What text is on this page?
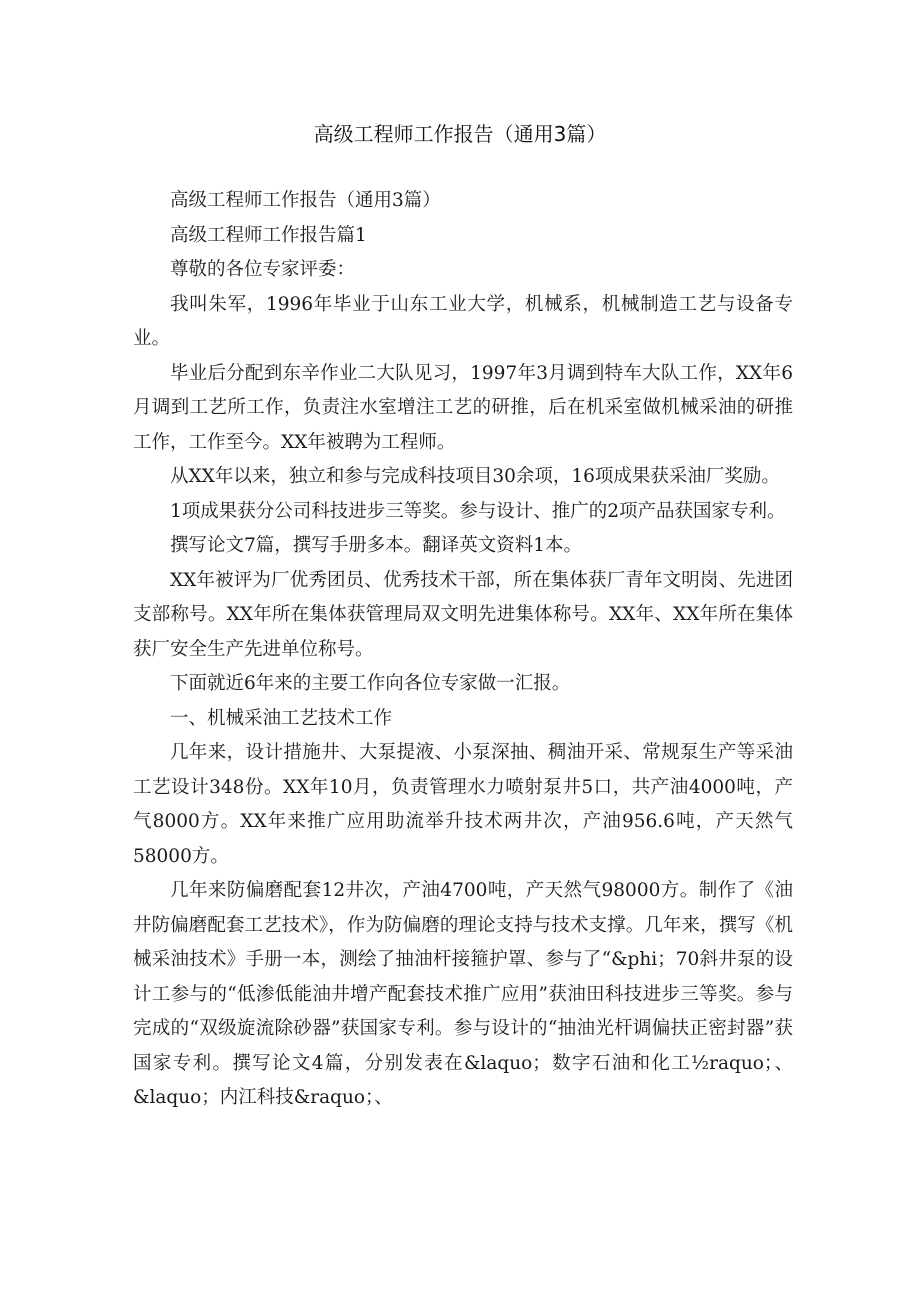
高级工程师工作报告（通用3篇）

高级工程师工作报告（通用3篇）

高级工程师工作报告篇1

尊敬的各位专家评委：

我叫朱军，1996年毕业于山东工业大学，机械系，机械制造工艺与设备专业。

毕业后分配到东辛作业二大队见习，1997年3月调到特车大队工作，XX年6月调到工艺所工作，负责注水室增注工艺的研推，后在机采室做机械采油的研推工作，工作至今。XX年被聘为工程师。

从XX年以来，独立和参与完成科技项目30余项，16项成果获采油厂奖励。

1项成果获分公司科技进步三等奖。参与设计、推广的2项产品获国家专利。

撰写论文7篇，撰写手册多本。翻译英文资料1本。

XX年被评为厂优秀团员、优秀技术干部，所在集体获厂青年文明岗、先进团支部称号。XX年所在集体获管理局双文明先进集体称号。XX年、XX年所在集体获厂安全生产先进单位称号。

下面就近6年来的主要工作向各位专家做一汇报。

一、机械采油工艺技术工作

几年来，设计措施井、大泵提液、小泵深抽、稠油开采、常规泵生产等采油工艺设计348份。XX年10月，负责管理水力喷射泵井5口，共产油4000吨，产气8000方。XX年来推广应用助流举升技术两井次，产油956.6吨，产天然气58000方。

几年来防偏磨配套12井次，产油4700吨，产天然气98000方。制作了《油井防偏磨配套工艺技术》，作为防偏磨的理论支持与技术支撑。几年来，撰写《机械采油技术》手册一本，测绘了抽油杆接箍护罩、参与了“&phi；70斜井泵的设计工参与的“低渗低能油井增产配套技术推广应用”获油田科技进步三等奖。参与完成的“双级旋流除砂器”获国家专利。参与设计的“抽油光杆调偏扶正密封器”获国家专利。撰写论文4篇，分别发表在&laquo；数字石油和化工½raquo；、&laquo；内江科技&raquo；、
